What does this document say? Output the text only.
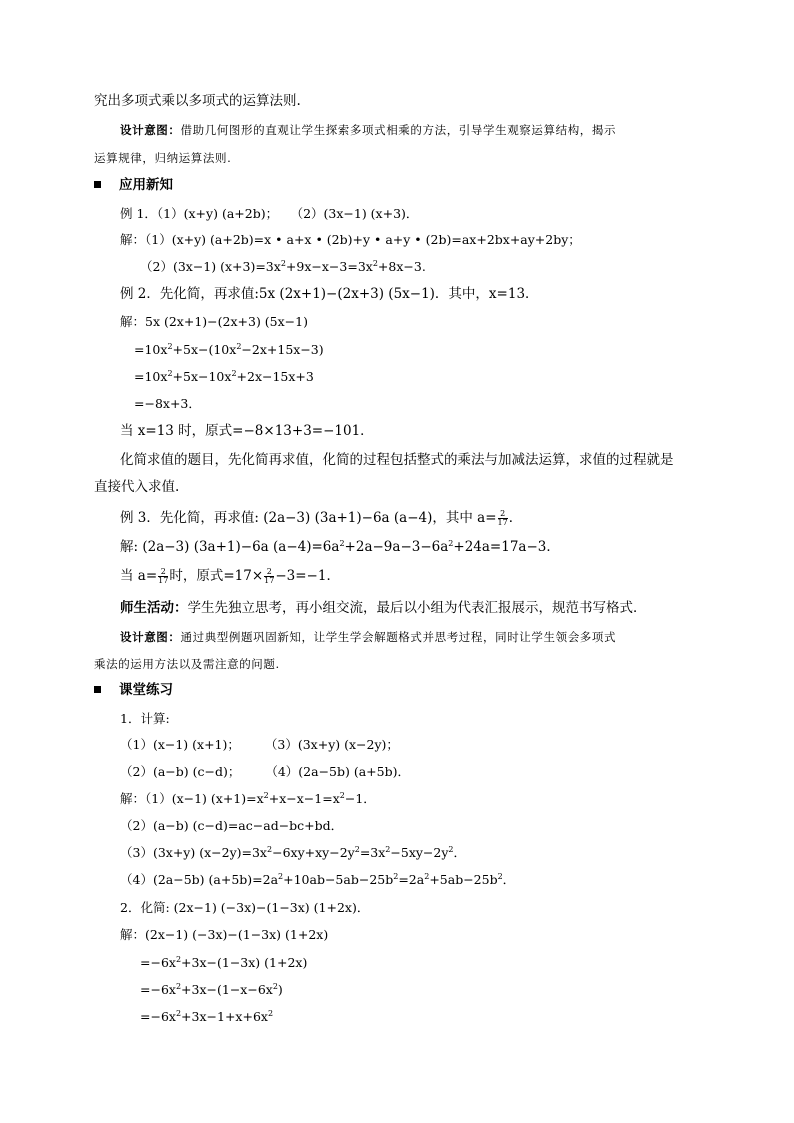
究出多项式乘以多项式的运算法则.
设计意图：借助几何图形的直观让学生探索多项式相乘的方法，引导学生观察运算结构，揭示
运算规律，归纳运算法则.
应用新知
例 1．（1）(x+y) (a+2b)；　　（2）(3x−1) (x+3)．
解：（1）(x+y) (a+2b)=x • a+x • (2b)+y • a+y • (2b)=ax+2bx+ay+2by；
（2）(3x−1) $(x+3)=3x^2+9x-x-3=3x^2+8x-3$.
例 2．先化简，再求值:5x (2x+1)−(2x+3) (5x−1)．其中，x=13．
解：5x (2x+1)−(2x+3) (5x−1)
$=10x^2+5x-(10x^2-2x+15x-3)$
$=10x^2+5x-10x^2+2x-15x+3$
=−8x+3．
当 x=13 时，原式=−8×13+3=−101．
化简求值的题目，先化简再求值，化简的过程包括整式的乘法与加减法运算，求值的过程就是
直接代入求值.
例 3．先化简，再求值: (2a−3) (3a+1)−6a (a−4)，其中 $a= \frac{2}{17}$ ．
解: (2a−3) (3a+1)−6a $(a-4)=6a^2+2a-9a-3-6a^2+24a=17a-3$．
当 $a= \frac{2}{17}$ 时，原式$=17\times \frac{2}{17} -3=-1$．
师生活动：学生先独立思考，再小组交流，最后以小组为代表汇报展示，规范书写格式．
设计意图：通过典型例题巩固新知，让学生学会解题格式并思考过程，同时让学生领会多项式
乘法的运用方法以及需注意的问题.
课堂练习
1．计算:
（1）(x−1) (x+1)；　　　（3）(3x+y) (x−2y)；
（2）(a−b) (c−d)；　　　（4）(2a−5b) (a+5b)．
解：（1）(x−1) $(x+1)=x^2+x-x-1=x^2-1$．
（2）(a−b) (c−d)=ac−ad−bc+bd．
（3）(3x+y) $(x-2y)=3x^2-6xy+xy-2y^2=3x^2-5xy-2y^2$．
（4）(2a−5b) $(a+5b)=2a^2+10ab-5ab-25b^2=2a^2+5ab-25b^2$．
2．化简: (2x−1) (−3x)−(1−3x) (1+2x)．
解：(2x−1) (−3x)−(1−3x) (1+2x)
$=-6x^2+3x-(1-3x)$ (1+2x)
$=-6x^2+3x-(1-x-6x^2)$
$=-6x^2+3x-1+x+6x^2$
